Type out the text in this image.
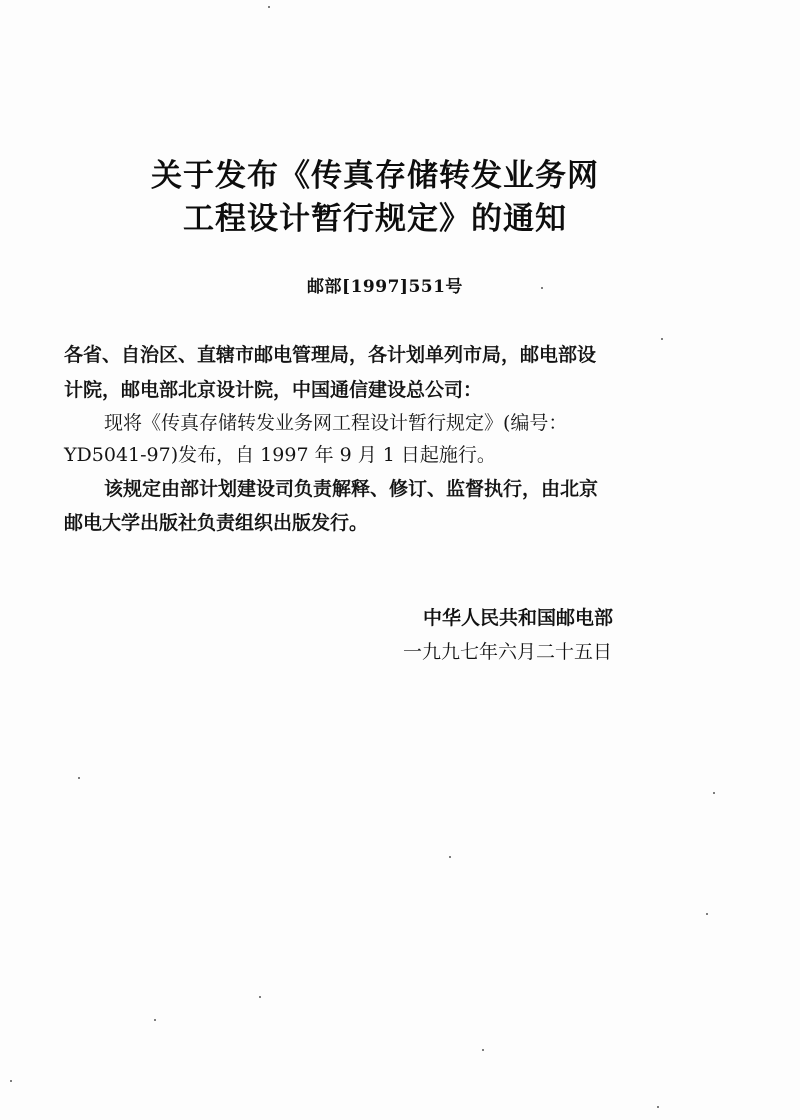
关于发布《传真存储转发业务网
工程设计暂行规定》的通知
邮部[1997]551号
各省、自治区、直辖市邮电管理局，各计划单列市局，邮电部设
计院，邮电部北京设计院，中国通信建设总公司：
现将《传真存储转发业务网工程设计暂行规定》(编号：
YD5041-97)发布，自 1997 年 9 月 1 日起施行。
该规定由部计划建设司负责解释、修订、监督执行，由北京
邮电大学出版社负责组织出版发行。
中华人民共和国邮电部
一九九七年六月二十五日
